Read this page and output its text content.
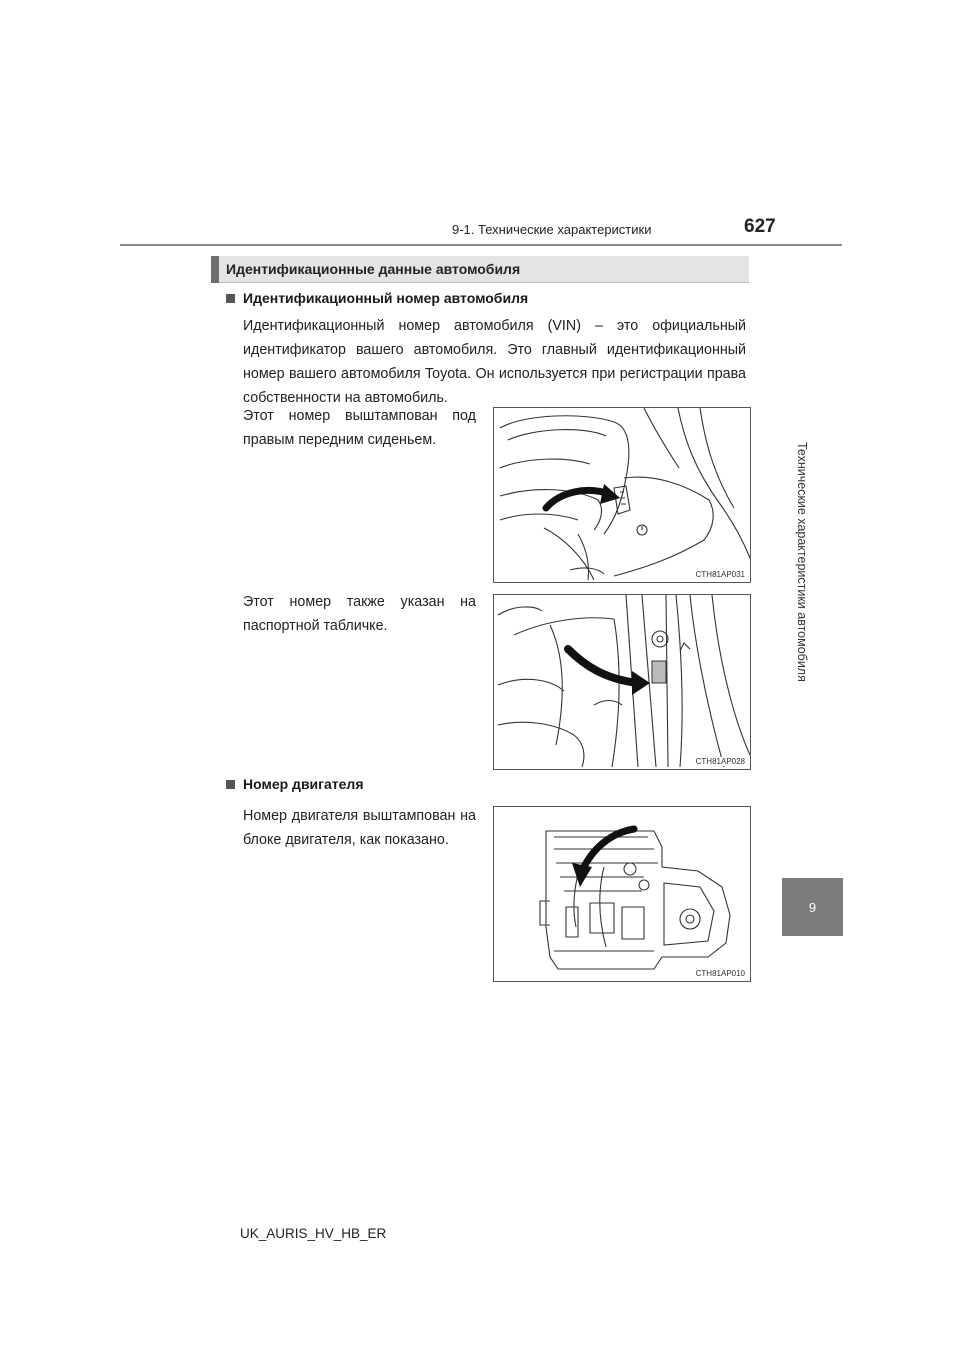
9-1. Технические характеристики	627
Технические характеристики автомобиля
9
Идентификационные данные автомобиля
Идентификационный номер автомобиля
Идентификационный номер автомобиля (VIN) – это официальный идентификатор вашего автомобиля. Это главный идентификационный номер вашего автомобиля Toyota. Он используется при регистрации права собственности на автомобиль.
Этот номер выштампован под правым передним сиденьем.
CTH81AP031
Этот номер также указан на паспортной табличке.
CTH81AP028
Номер двигателя
Номер двигателя выштампован на блоке двигателя, как показано.
CTH81AP010
UK_AURIS_HV_HB_ER
